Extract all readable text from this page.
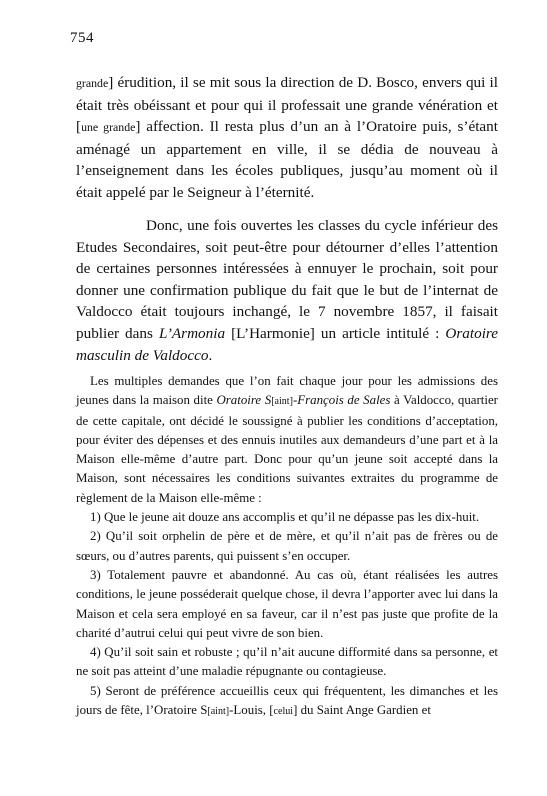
754
grande] érudition, il se mit sous la direction de D. Bosco, envers qui il était très obéissant et pour qui il professait une grande vénération et [une grande] affection. Il resta plus d’un an à l’Oratoire puis, s’étant aménagé un appartement en ville, il se dédia de nouveau à l’enseignement dans les écoles publiques, jusqu’au moment où il était appelé par le Seigneur à l’éternité.
Donc, une fois ouvertes les classes du cycle inférieur des Etudes Secondaires, soit peut-être pour détourner d’elles l’attention de certaines personnes intéressées à ennuyer le prochain, soit pour donner une confirmation publique du fait que le but de l’internat de Valdocco était toujours inchangé, le 7 novembre 1857, il faisait publier dans L’Armonia [L’Harmonie] un article intitulé : Oratoire masculin de Valdocco.

Les multiples demandes que l’on fait chaque jour pour les admissions des jeunes dans la maison dite Oratoire S[aint]-François de Sales à Valdocco, quartier de cette capitale, ont décidé le soussigné à publier les conditions d’acceptation, pour éviter des dépenses et des ennuis inutiles aux demandeurs d’une part et à la Maison elle-même d’autre part. Donc pour qu’un jeune soit accepté dans la Maison, sont nécessaires les conditions suivantes extraites du programme de règlement de la Maison elle-même :

1) Que le jeune ait douze ans accomplis et qu’il ne dépasse pas les dix-huit.

2) Qu’il soit orphelin de père et de mère, et qu’il n’ait pas de frères ou de sœurs, ou d’autres parents, qui puissent s’en occuper.

3) Totalement pauvre et abandonné. Au cas où, étant réalisées les autres conditions, le jeune posséderait quelque chose, il devra l’apporter avec lui dans la Maison et cela sera employé en sa faveur, car il n’est pas juste que profite de la charité d’autrui celui qui peut vivre de son bien.

4) Qu’il soit sain et robuste ; qu’il n’ait aucune difformité dans sa personne, et ne soit pas atteint d’une maladie répugnante ou contagieuse.

5) Seront de préférence accueillis ceux qui fréquentent, les dimanches et les jours de fête, l’Oratoire S[aint]-Louis, [celui] du Saint Ange Gardien et
